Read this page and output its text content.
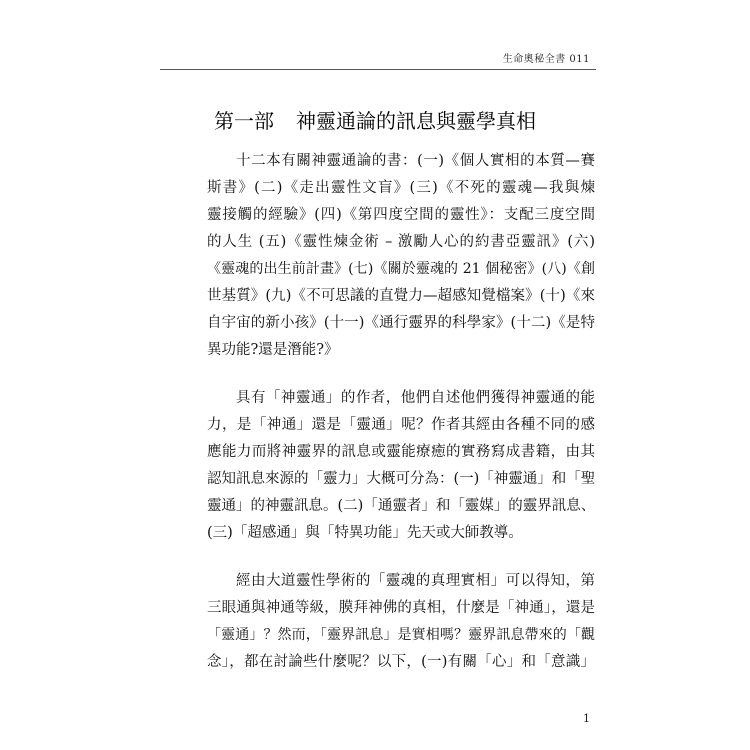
生命奧秘全書 011
第一部 神靈通論的訊息與靈學真相
十二本有關神靈通論的書：(一)《個人實相的本質—賽
斯書》(二)《走出靈性文盲》(三)《不死的靈魂—我與煉
靈接觸的經驗》(四)《第四度空間的靈性》：支配三度空間
的人生 (五)《靈性煉金術 – 激勵人心的約書亞靈訊》(六)
《靈魂的出生前計畫》(七)《關於靈魂的 21 個秘密》(八)《創
世基質》(九)《不可思議的直覺力—超感知覺檔案》(十)《來
自宇宙的新小孩》(十一)《通行靈界的科學家》(十二)《是特
異功能?還是潛能?》
具有「神靈通」的作者，他們自述他們獲得神靈通的能
力，是「神通」還是「靈通」呢？作者其經由各種不同的感
應能力而將神靈界的訊息或靈能療癒的實務寫成書籍，由其
認知訊息來源的「靈力」大概可分為：(一)「神靈通」和「聖
靈通」的神靈訊息。(二)「通靈者」和「靈媒」的靈界訊息、
(三)「超感通」與「特異功能」先天或大師教導。
經由大道靈性學術的「靈魂的真理實相」可以得知，第
三眼通與神通等級，膜拜神佛的真相，什麼是「神通」，還是
「靈通」？然而，「靈界訊息」是實相嗎？靈界訊息帶來的「觀
念」，都在討論些什麼呢？以下，(一)有關「心」和「意識」
1
